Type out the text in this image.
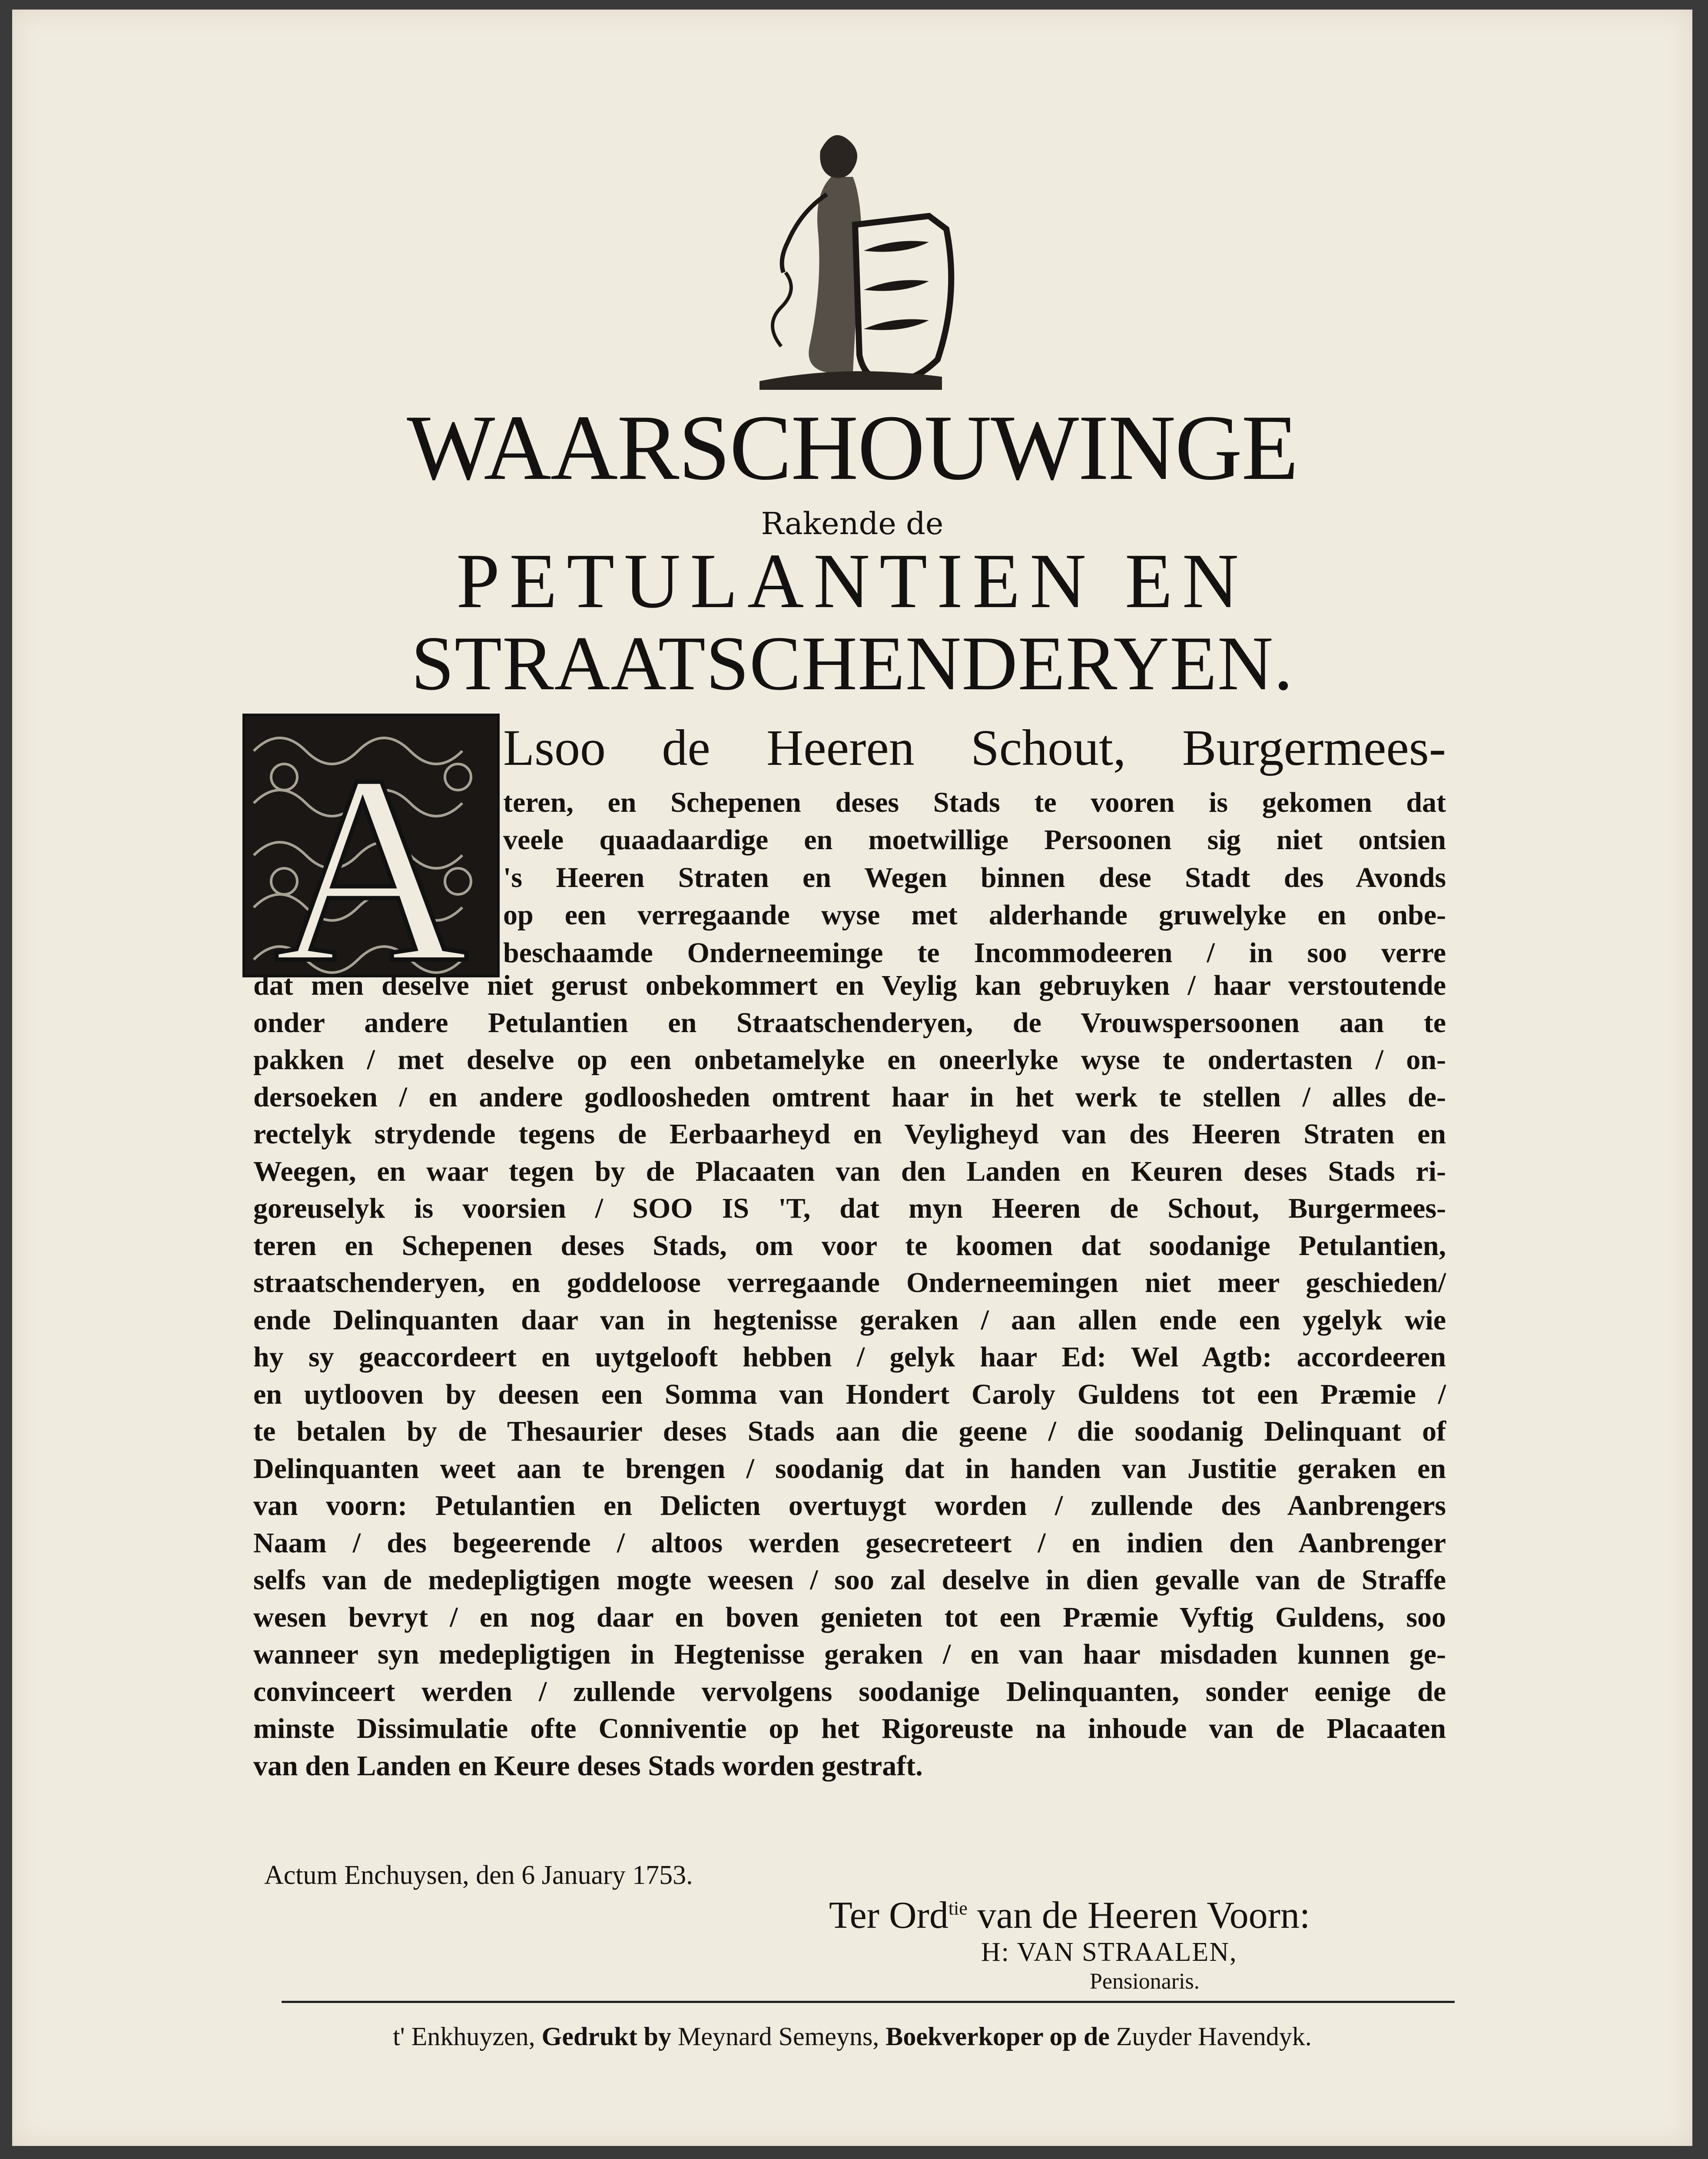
WAARSCHOUWINGE
Rakende de
PETULANTIEN EN
STRAATSCHENDERYEN.
A Lsoo de Heeren Schout, Burgermees-
teren, en Schepenen deses Stads te vooren is gekomen dat
veele quaadaardige en moetwillige Persoonen sig niet ontsien
's Heeren Straten en Wegen binnen dese Stadt des Avonds
op een verregaande wyse met alderhande gruwelyke en onbe-
beschaamde Onderneeminge te Incommodeeren / in soo verre
dat men deselve niet gerust onbekommert en Veylig kan gebruyken / haar verstoutende
onder andere Petulantien en Straatschenderyen, de Vrouwspersoonen aan te
pakken / met deselve op een onbetamelyke en oneerlyke wyse te ondertasten / on-
dersoeken / en andere godloosheden omtrent haar in het werk te stellen / alles de-
rectelyk strydende tegens de Eerbaarheyd en Veyligheyd van des Heeren Straten en
Weegen, en waar tegen by de Placaaten van den Landen en Keuren deses Stads ri-
goreuselyk is voorsien / SOO IS 'T, dat myn Heeren de Schout, Burgermees-
teren en Schepenen deses Stads, om voor te koomen dat soodanige Petulantien,
straatschenderyen, en goddeloose verregaande Onderneemingen niet meer geschieden/
ende Delinquanten daar van in hegtenisse geraken / aan allen ende een ygelyk wie
hy sy geaccordeert en uytgelooft hebben / gelyk haar Ed: Wel Agtb: accordeeren
en uytlooven by deesen een Somma van Hondert Caroly Guldens tot een Præmie /
te betalen by de Thesaurier deses Stads aan die geene / die soodanig Delinquant of
Delinquanten weet aan te brengen / soodanig dat in handen van Justitie geraken en
van voorn: Petulantien en Delicten overtuygt worden / zullende des Aanbrengers
Naam / des begeerende / altoos werden gesecreteert / en indien den Aanbrenger
selfs van de medepligtigen mogte weesen / soo zal deselve in dien gevalle van de Straffe
wesen bevryt / en nog daar en boven genieten tot een Præmie Vyftig Guldens, soo
wanneer syn medepligtigen in Hegtenisse geraken / en van haar misdaden kunnen ge-
convinceert werden / zullende vervolgens soodanige Delinquanten, sonder eenige de
minste Dissimulatie ofte Conniventie op het Rigoreuste na inhoude van de Placaaten
van den Landen en Keure deses Stads worden gestraft.
Actum Enchuysen, den 6 January 1753.
Ter Ord$^{tie}$ van de Heeren Voorn:
H: VAN STRAALEN,
Pensionaris.
t' Enkhuyzen, Gedrukt by Meynard Semeyns, Boekverkoper op de Zuyder Havendyk.
